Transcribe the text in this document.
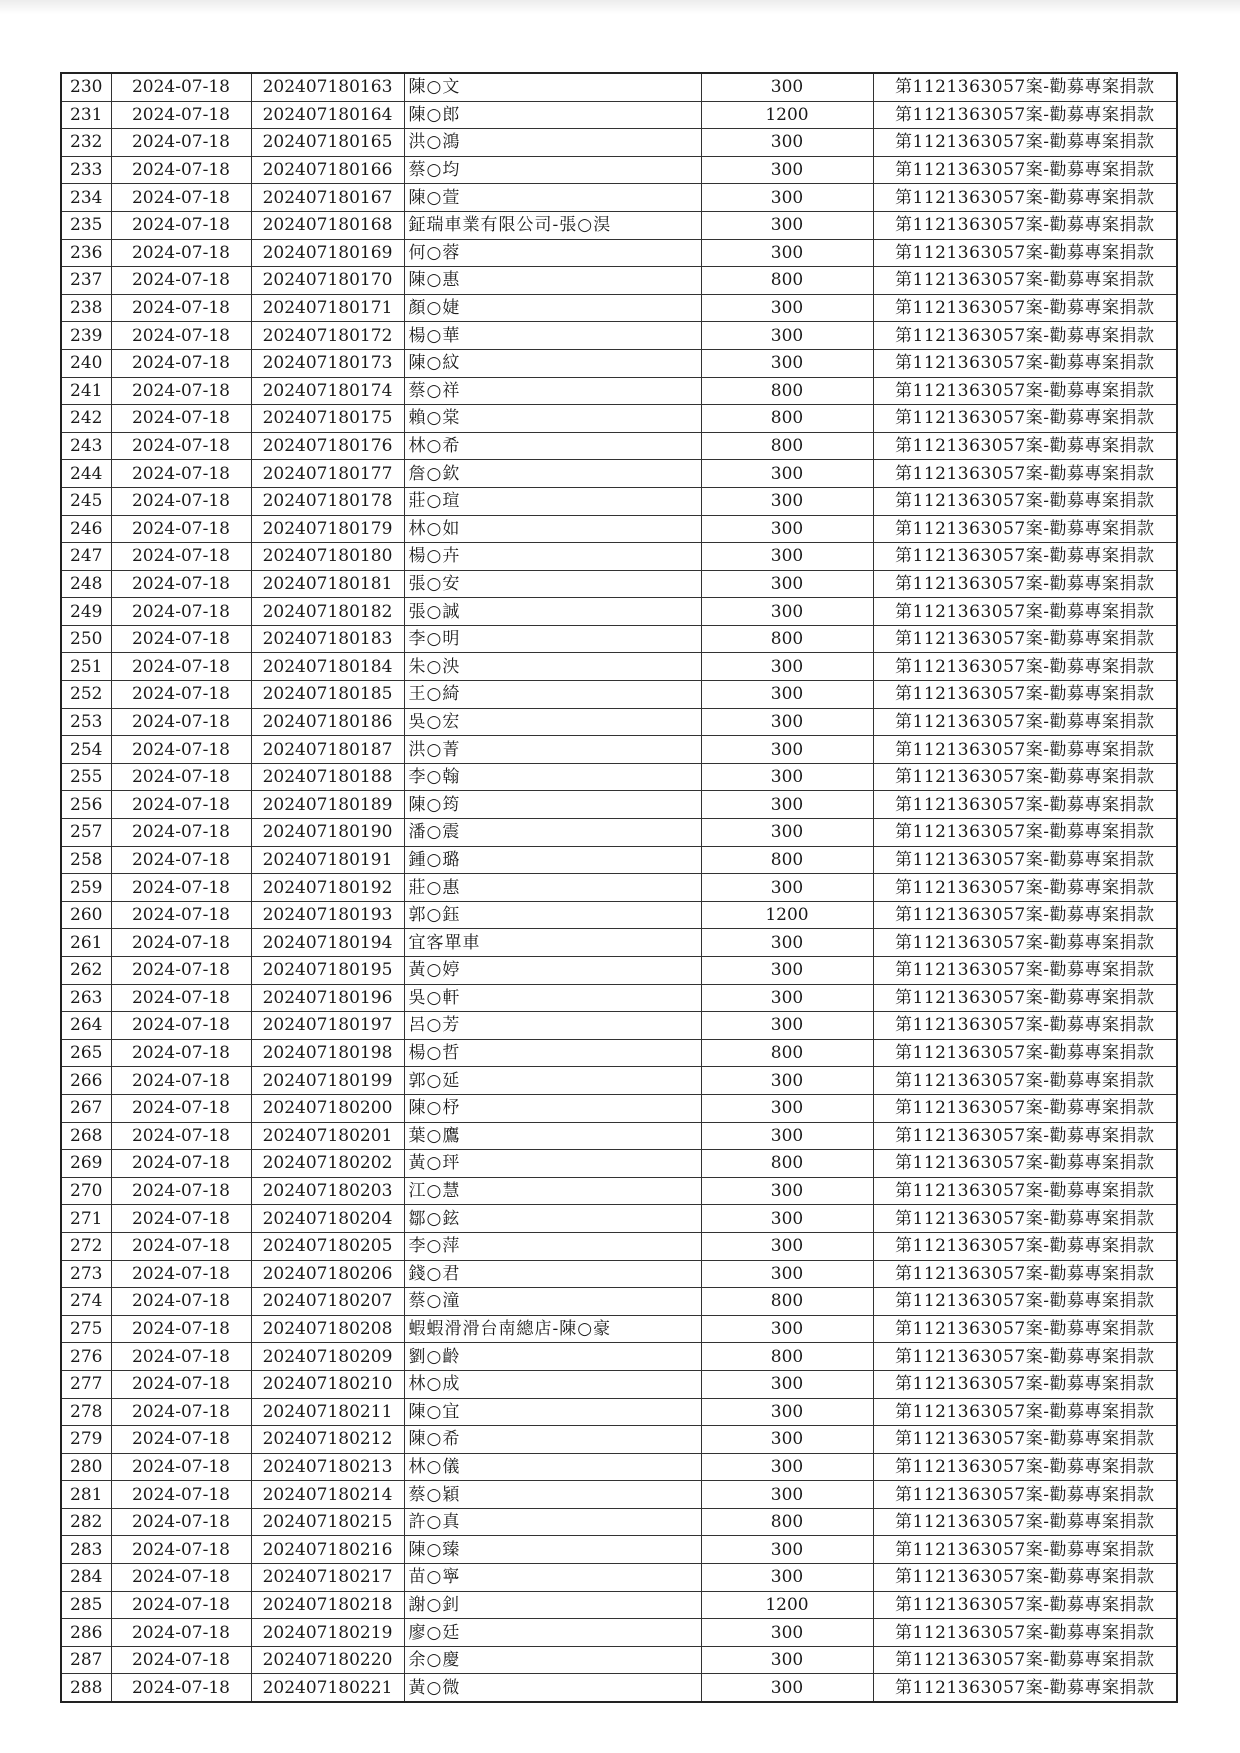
230	2024-07-18	202407180163	陳○文	300	第1121363057案-勸募專案捐款
231	2024-07-18	202407180164	陳○郎	1200	第1121363057案-勸募專案捐款
232	2024-07-18	202407180165	洪○鴻	300	第1121363057案-勸募專案捐款
233	2024-07-18	202407180166	蔡○均	300	第1121363057案-勸募專案捐款
234	2024-07-18	202407180167	陳○萱	300	第1121363057案-勸募專案捐款
235	2024-07-18	202407180168	鉦瑞車業有限公司-張○淏	300	第1121363057案-勸募專案捐款
236	2024-07-18	202407180169	何○蓉	300	第1121363057案-勸募專案捐款
237	2024-07-18	202407180170	陳○惠	800	第1121363057案-勸募專案捐款
238	2024-07-18	202407180171	顏○婕	300	第1121363057案-勸募專案捐款
239	2024-07-18	202407180172	楊○華	300	第1121363057案-勸募專案捐款
240	2024-07-18	202407180173	陳○紋	300	第1121363057案-勸募專案捐款
241	2024-07-18	202407180174	蔡○祥	800	第1121363057案-勸募專案捐款
242	2024-07-18	202407180175	賴○棠	800	第1121363057案-勸募專案捐款
243	2024-07-18	202407180176	林○希	800	第1121363057案-勸募專案捐款
244	2024-07-18	202407180177	詹○欽	300	第1121363057案-勸募專案捐款
245	2024-07-18	202407180178	莊○瑄	300	第1121363057案-勸募專案捐款
246	2024-07-18	202407180179	林○如	300	第1121363057案-勸募專案捐款
247	2024-07-18	202407180180	楊○卉	300	第1121363057案-勸募專案捐款
248	2024-07-18	202407180181	張○安	300	第1121363057案-勸募專案捐款
249	2024-07-18	202407180182	張○誠	300	第1121363057案-勸募專案捐款
250	2024-07-18	202407180183	李○明	800	第1121363057案-勸募專案捐款
251	2024-07-18	202407180184	朱○泱	300	第1121363057案-勸募專案捐款
252	2024-07-18	202407180185	王○綺	300	第1121363057案-勸募專案捐款
253	2024-07-18	202407180186	吳○宏	300	第1121363057案-勸募專案捐款
254	2024-07-18	202407180187	洪○菁	300	第1121363057案-勸募專案捐款
255	2024-07-18	202407180188	李○翰	300	第1121363057案-勸募專案捐款
256	2024-07-18	202407180189	陳○筠	300	第1121363057案-勸募專案捐款
257	2024-07-18	202407180190	潘○震	300	第1121363057案-勸募專案捐款
258	2024-07-18	202407180191	鍾○璐	800	第1121363057案-勸募專案捐款
259	2024-07-18	202407180192	莊○惠	300	第1121363057案-勸募專案捐款
260	2024-07-18	202407180193	郭○鈺	1200	第1121363057案-勸募專案捐款
261	2024-07-18	202407180194	宜客單車	300	第1121363057案-勸募專案捐款
262	2024-07-18	202407180195	黃○婷	300	第1121363057案-勸募專案捐款
263	2024-07-18	202407180196	吳○軒	300	第1121363057案-勸募專案捐款
264	2024-07-18	202407180197	呂○芳	300	第1121363057案-勸募專案捐款
265	2024-07-18	202407180198	楊○哲	800	第1121363057案-勸募專案捐款
266	2024-07-18	202407180199	郭○延	300	第1121363057案-勸募專案捐款
267	2024-07-18	202407180200	陳○杼	300	第1121363057案-勸募專案捐款
268	2024-07-18	202407180201	葉○鷹	300	第1121363057案-勸募專案捐款
269	2024-07-18	202407180202	黃○玶	800	第1121363057案-勸募專案捐款
270	2024-07-18	202407180203	江○慧	300	第1121363057案-勸募專案捐款
271	2024-07-18	202407180204	鄒○鉉	300	第1121363057案-勸募專案捐款
272	2024-07-18	202407180205	李○萍	300	第1121363057案-勸募專案捐款
273	2024-07-18	202407180206	錢○君	300	第1121363057案-勸募專案捐款
274	2024-07-18	202407180207	蔡○潼	800	第1121363057案-勸募專案捐款
275	2024-07-18	202407180208	蝦蝦滑滑台南總店-陳○豪	300	第1121363057案-勸募專案捐款
276	2024-07-18	202407180209	劉○齡	800	第1121363057案-勸募專案捐款
277	2024-07-18	202407180210	林○成	300	第1121363057案-勸募專案捐款
278	2024-07-18	202407180211	陳○宜	300	第1121363057案-勸募專案捐款
279	2024-07-18	202407180212	陳○希	300	第1121363057案-勸募專案捐款
280	2024-07-18	202407180213	林○儀	300	第1121363057案-勸募專案捐款
281	2024-07-18	202407180214	蔡○穎	300	第1121363057案-勸募專案捐款
282	2024-07-18	202407180215	許○真	800	第1121363057案-勸募專案捐款
283	2024-07-18	202407180216	陳○臻	300	第1121363057案-勸募專案捐款
284	2024-07-18	202407180217	苗○寧	300	第1121363057案-勸募專案捐款
285	2024-07-18	202407180218	謝○釗	1200	第1121363057案-勸募專案捐款
286	2024-07-18	202407180219	廖○廷	300	第1121363057案-勸募專案捐款
287	2024-07-18	202407180220	余○慶	300	第1121363057案-勸募專案捐款
288	2024-07-18	202407180221	黃○微	300	第1121363057案-勸募專案捐款
